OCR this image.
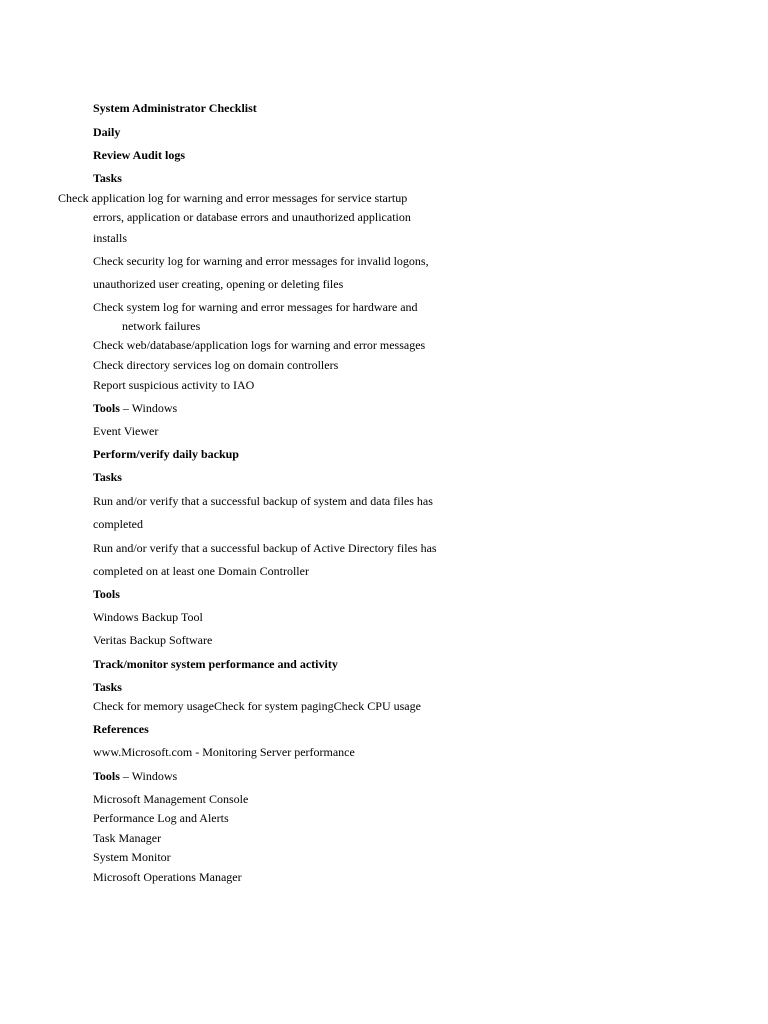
System Administrator Checklist
Daily
Review Audit logs
Tasks
Check application log for warning and error messages for service startup
errors, application or database errors and unauthorized application
installs
Check security log for warning and error messages for invalid logons,
unauthorized user creating, opening or deleting files
Check system log for warning and error messages for hardware and
network failures
Check web/database/application logs for warning and error messages
Check directory services log on domain controllers
Report suspicious activity to IAO
Tools – Windows
Event Viewer
Perform/verify daily backup
Tasks
Run and/or verify that a successful backup of system and data files has
completed
Run and/or verify that a successful backup of Active Directory files has
completed on at least one Domain Controller
Tools
Windows Backup Tool
Veritas Backup Software
Track/monitor system performance and activity
Tasks
Check for memory usageCheck for system pagingCheck CPU usage
References
www.Microsoft.com - Monitoring Server performance
Tools – Windows
Microsoft Management Console
Performance Log and Alerts
Task Manager
System Monitor
Microsoft Operations Manager
